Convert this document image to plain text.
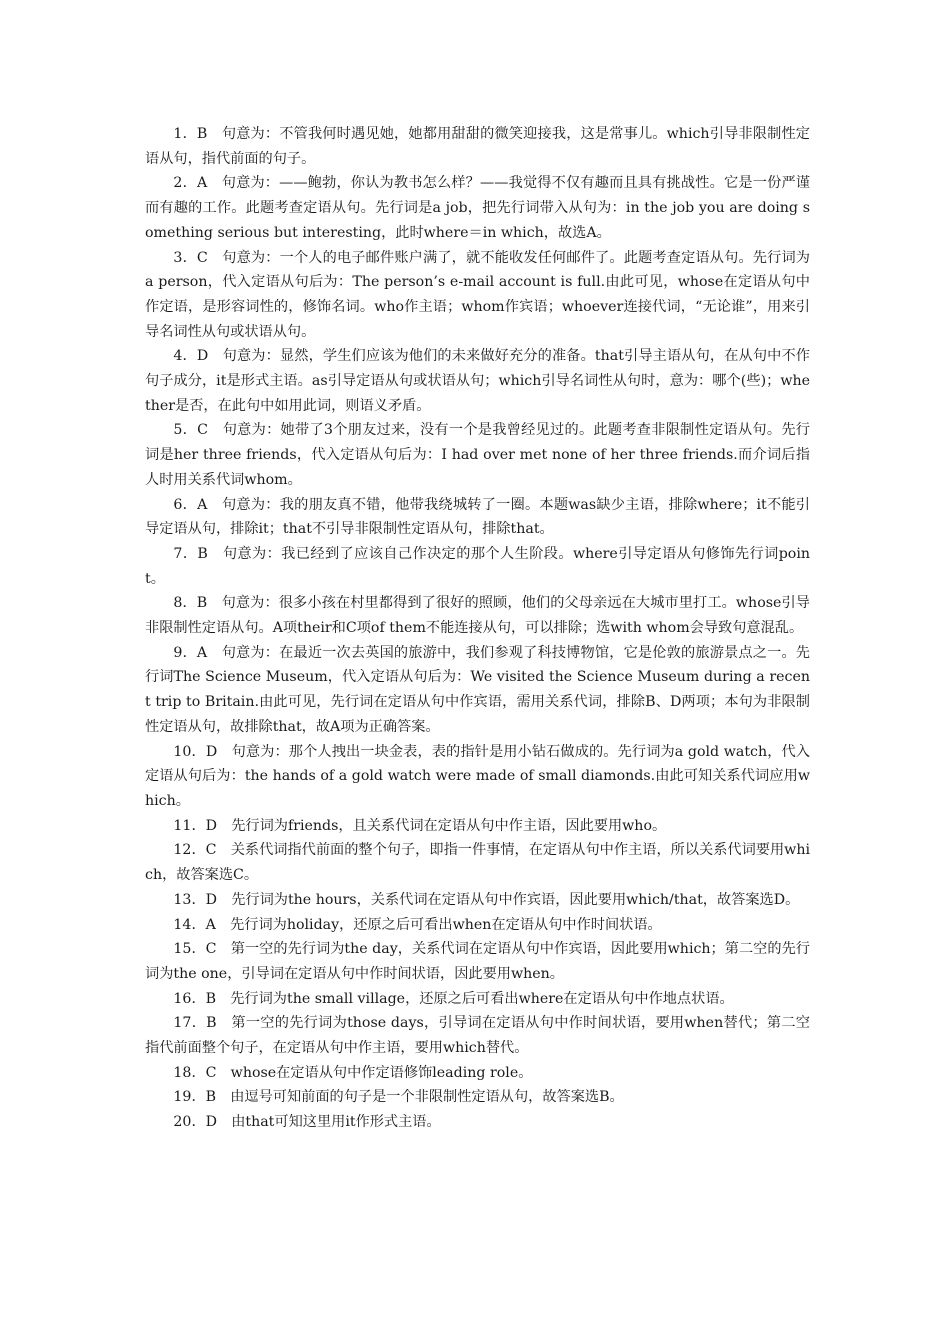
1．B　句意为：不管我何时遇见她，她都用甜甜的微笑迎接我，这是常事儿。which引导非限制性定语从句，指代前面的句子。

2．A　句意为：——鲍勃，你认为教书怎么样？——我觉得不仅有趣而且具有挑战性。它是一份严谨而有趣的工作。此题考查定语从句。先行词是a job，把先行词带入从句为：in the job you are doing something serious but interesting，此时where＝in which，故选A。

3．C　句意为：一个人的电子邮件账户满了，就不能收发任何邮件了。此题考查定语从句。先行词为a person，代入定语从句后为：The person’s e-mail account is full.由此可见，whose在定语从句中作定语，是形容词性的，修饰名词。who作主语；whom作宾语；whoever连接代词，“无论谁”，用来引导名词性从句或状语从句。

4．D　句意为：显然，学生们应该为他们的未来做好充分的准备。that引导主语从句，在从句中不作句子成分，it是形式主语。as引导定语从句或状语从句；which引导名词性从句时，意为：哪个(些)；whether是否，在此句中如用此词，则语义矛盾。

5．C　句意为：她带了3个朋友过来，没有一个是我曾经见过的。此题考查非限制性定语从句。先行词是her three friends，代入定语从句后为：I had over met none of her three friends.而介词后指人时用关系代词whom。

6．A　句意为：我的朋友真不错，他带我绕城转了一圈。本题was缺少主语，排除where；it不能引导定语从句，排除it；that不引导非限制性定语从句，排除that。

7．B　句意为：我已经到了应该自己作决定的那个人生阶段。where引导定语从句修饰先行词point。

8．B　句意为：很多小孩在村里都得到了很好的照顾，他们的父母亲远在大城市里打工。whose引导非限制性定语从句。A项their和C项of them不能连接从句，可以排除；选with whom会导致句意混乱。

9．A　句意为：在最近一次去英国的旅游中，我们参观了科技博物馆，它是伦敦的旅游景点之一。先行词The Science Museum，代入定语从句后为：We visited the Science Museum during a recent trip to Britain.由此可见，先行词在定语从句中作宾语，需用关系代词，排除B、D两项；本句为非限制性定语从句，故排除that，故A项为正确答案。

10．D　句意为：那个人拽出一块金表，表的指针是用小钻石做成的。先行词为a gold watch，代入定语从句后为：the hands of a gold watch were made of small diamonds.由此可知关系代词应用which。

11．D　先行词为friends，且关系代词在定语从句中作主语，因此要用who。

12．C　关系代词指代前面的整个句子，即指一件事情，在定语从句中作主语，所以关系代词要用which，故答案选C。

13．D　先行词为the hours，关系代词在定语从句中作宾语，因此要用which/that，故答案选D。

14．A　先行词为holiday，还原之后可看出when在定语从句中作时间状语。

15．C　第一空的先行词为the day，关系代词在定语从句中作宾语，因此要用which；第二空的先行词为the one，引导词在定语从句中作时间状语，因此要用when。

16．B　先行词为the small village，还原之后可看出where在定语从句中作地点状语。

17．B　第一空的先行词为those days，引导词在定语从句中作时间状语，要用when替代；第二空指代前面整个句子，在定语从句中作主语，要用which替代。

18．C　whose在定语从句中作定语修饰leading role。

19．B　由逗号可知前面的句子是一个非限制性定语从句，故答案选B。

20．D　由that可知这里用it作形式主语。
